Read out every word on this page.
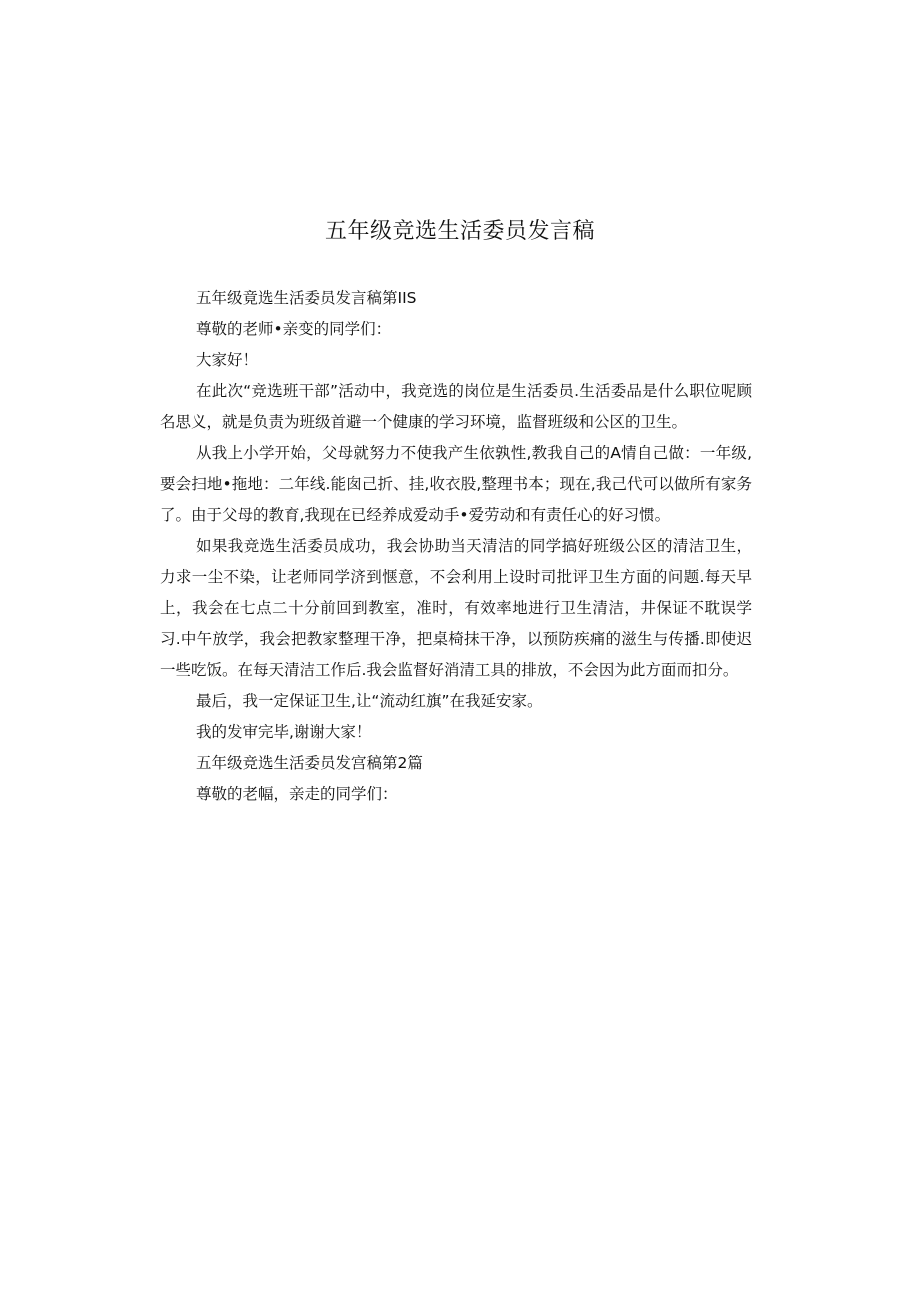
五年级竞选生活委员发言稿

五年级竟选生活委员发言稿第IIS

尊敬的老师•亲变的同学们：

大家好！

在此次“竞选班干部”活动中，我竞选的岗位是生活委员.生活委品是什么职位呢顾名思义，就是负责为班级首避一个健康的学习环境，监督班级和公区的卫生。

从我上小学开始，父母就努力不使我产生依孰性,教我自己的A情自己做：一年级,要会扫地•拖地：二年线.能囱己折、挂,收衣股,整理书本；现在,我己代可以做所有家务了。由于父母的教育,我现在已经养成爱动手•爱劳动和有责任心的好习惯。

如果我竞选生活委员成功，我会协助当天清洁的同学搞好班级公区的清洁卫生，力求一尘不染，让老师同学济到惬意，不会利用上设时司批评卫生方面的问题.每天早上，我会在七点二十分前回到教室，准时，有效率地进行卫生清洁，井保证不耽误学习.中午放学，我会把教家整理干净，把桌椅抹干净，以预防疾痛的滋生与传播.即使迟一些吃饭。在每天清洁工作后.我会监督好消清工具的排放，不会因为此方面而扣分。

最后，我一定保证卫生,让“流动红旗”在我延安家。

我的发审完毕,谢谢大家！

五年级竞选生活委员发宫稿第2篇

尊敬的老幅，亲走的同学们：
